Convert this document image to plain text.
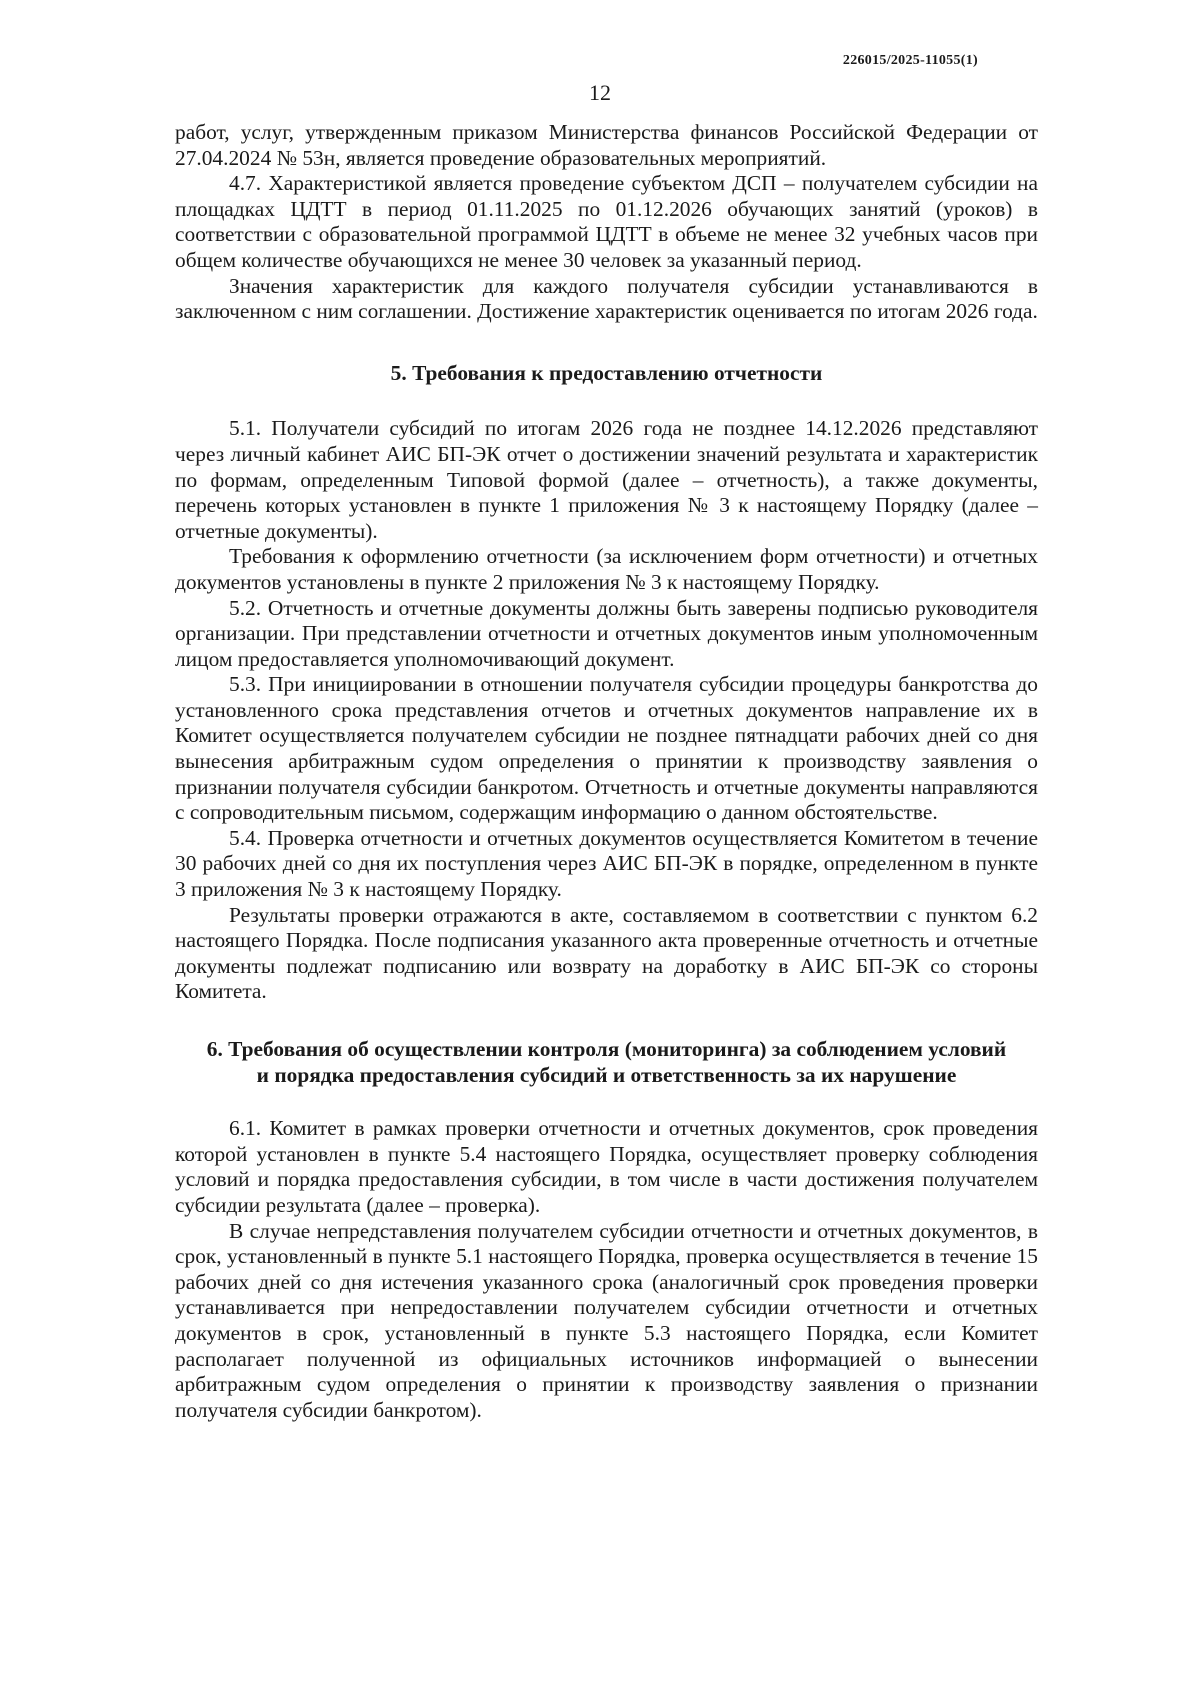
226015/2025-11055(1)
12

работ, услуг, утвержденным приказом Министерства финансов Российской Федерации от 27.04.2024 № 53н, является проведение образовательных мероприятий.

4.7. Характеристикой является проведение субъектом ДСП – получателем субсидии на площадках ЦДТТ в период 01.11.2025 по 01.12.2026 обучающих занятий (уроков) в соответствии с образовательной программой ЦДТТ в объеме не менее 32 учебных часов при общем количестве обучающихся не менее 30 человек за указанный период.

Значения характеристик для каждого получателя субсидии устанавливаются в заключенном с ним соглашении. Достижение характеристик оценивается по итогам 2026 года.

5. Требования к предоставлению отчетности

5.1. Получатели субсидий по итогам 2026 года не позднее 14.12.2026 представляют через личный кабинет АИС БП-ЭК отчет о достижении значений результата и характеристик по формам, определенным Типовой формой (далее – отчетность), а также документы, перечень которых установлен в пункте 1 приложения № 3 к настоящему Порядку (далее – отчетные документы).

Требования к оформлению отчетности (за исключением форм отчетности) и отчетных документов установлены в пункте 2 приложения № 3 к настоящему Порядку.

5.2. Отчетность и отчетные документы должны быть заверены подписью руководителя организации. При представлении отчетности и отчетных документов иным уполномоченным лицом предоставляется уполномочивающий документ.

5.3. При инициировании в отношении получателя субсидии процедуры банкротства до установленного срока представления отчетов и отчетных документов направление их в Комитет осуществляется получателем субсидии не позднее пятнадцати рабочих дней со дня вынесения арбитражным судом определения о принятии к производству заявления о признании получателя субсидии банкротом. Отчетность и отчетные документы направляются с сопроводительным письмом, содержащим информацию о данном обстоятельстве.

5.4. Проверка отчетности и отчетных документов осуществляется Комитетом в течение 30 рабочих дней со дня их поступления через АИС БП-ЭК в порядке, определенном в пункте 3 приложения № 3 к настоящему Порядку.

Результаты проверки отражаются в акте, составляемом в соответствии с пунктом 6.2 настоящего Порядка. После подписания указанного акта проверенные отчетность и отчетные документы подлежат подписанию или возврату на доработку в АИС БП-ЭК со стороны Комитета.

6. Требования об осуществлении контроля (мониторинга) за соблюдением условий
и порядка предоставления субсидий и ответственность за их нарушение

6.1. Комитет в рамках проверки отчетности и отчетных документов, срок проведения которой установлен в пункте 5.4 настоящего Порядка, осуществляет проверку соблюдения условий и порядка предоставления субсидии, в том числе в части достижения получателем субсидии результата (далее – проверка).

В случае непредставления получателем субсидии отчетности и отчетных документов, в срок, установленный в пункте 5.1 настоящего Порядка, проверка осуществляется в течение 15 рабочих дней со дня истечения указанного срока (аналогичный срок проведения проверки устанавливается при непредоставлении получателем субсидии отчетности и отчетных документов в срок, установленный в пункте 5.3 настоящего Порядка, если Комитет располагает полученной из официальных источников информацией о вынесении арбитражным судом определения о принятии к производству заявления о признании получателя субсидии банкротом).
